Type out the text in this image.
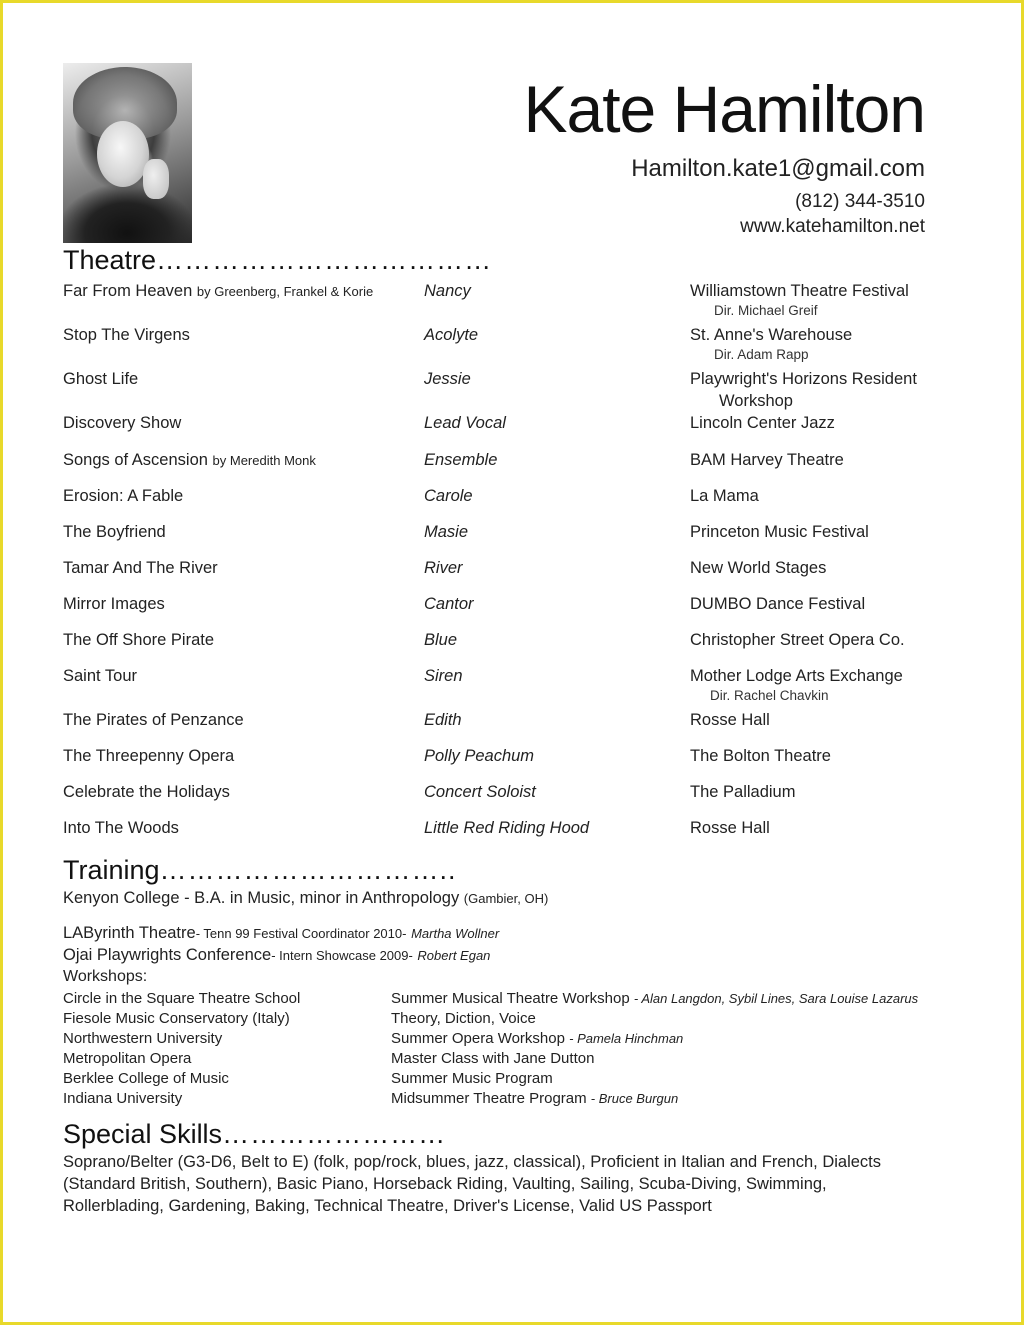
Kate Hamilton
Hamilton.kate1@gmail.com
(812) 344-3510
www.katehamilton.net
Theatre………………………………
Far From Heaven by Greenberg, Frankel & Korie	Nancy	Williamstown Theatre Festival
Dir. Michael Greif
Stop The Virgens	Acolyte	St. Anne's Warehouse
Dir. Adam Rapp
Ghost Life	Jessie	Playwright's Horizons Resident
Workshop
Discovery Show	Lead Vocal	Lincoln Center Jazz
Songs of Ascension by Meredith Monk	Ensemble	BAM Harvey Theatre
Erosion: A Fable	Carole	La Mama
The Boyfriend	Masie	Princeton Music Festival
Tamar And The River	River	New World Stages
Mirror Images	Cantor	DUMBO Dance Festival
The Off Shore Pirate	Blue	Christopher Street Opera Co.
Saint Tour	Siren	Mother Lodge Arts Exchange
Dir. Rachel Chavkin
The Pirates of Penzance	Edith	Rosse Hall
The Threepenny Opera	Polly Peachum	The Bolton Theatre
Celebrate the Holidays	Concert Soloist	The Palladium
Into The Woods	Little Red Riding Hood	Rosse Hall
Training…………………………..
Kenyon College - B.A. in Music, minor in Anthropology (Gambier, OH)
LAByrinth Theatre- Tenn 99 Festival Coordinator 2010- Martha Wollner
Ojai Playwrights Conference- Intern Showcase 2009- Robert Egan
Workshops:
Circle in the Square Theatre School	Summer Musical Theatre Workshop - Alan Langdon, Sybil Lines, Sara Louise Lazarus
Fiesole Music Conservatory (Italy)	Theory, Diction, Voice
Northwestern University	Summer Opera Workshop - Pamela Hinchman
Metropolitan Opera	Master Class with Jane Dutton
Berklee College of Music	Summer Music Program
Indiana University	Midsummer Theatre Program - Bruce Burgun
Special Skills……………………
Soprano/Belter (G3-D6, Belt to E) (folk, pop/rock, blues, jazz, classical), Proficient in Italian and French, Dialects (Standard British, Southern), Basic Piano, Horseback Riding, Vaulting, Sailing, Scuba-Diving, Swimming, Rollerblading, Gardening, Baking, Technical Theatre, Driver's License, Valid US Passport
